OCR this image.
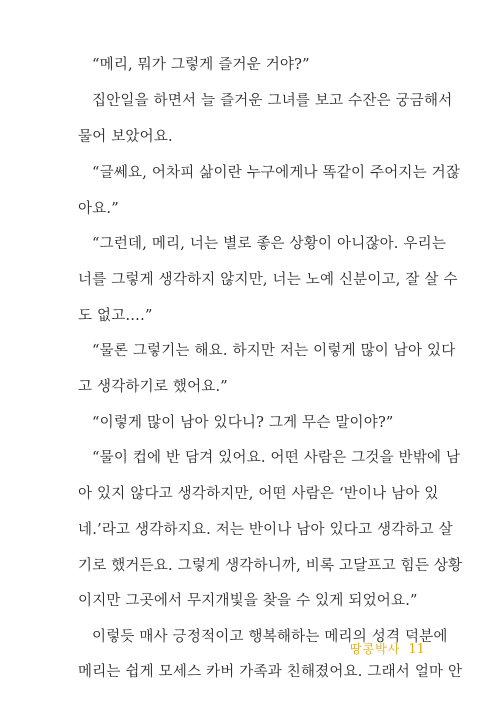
“메리, 뭐가 그렇게 즐거운 거야?”
집안일을 하면서 늘 즐거운 그녀를 보고 수잔은 궁금해서
물어 보았어요.
“글쎄요, 어차피 삶이란 누구에게나 똑같이 주어지는 거잖
아요.”
“그런데, 메리, 너는 별로 좋은 상황이 아니잖아. 우리는
너를 그렇게 생각하지 않지만, 너는 노예 신분이고, 잘 살 수
도 없고….”
“물론 그렇기는 해요. 하지만 저는 이렇게 많이 남아 있다
고 생각하기로 했어요.”
“이렇게 많이 남아 있다니? 그게 무슨 말이야?”
“물이 컵에 반 담겨 있어요. 어떤 사람은 그것을 반밖에 남
아 있지 않다고 생각하지만, 어떤 사람은 ‘반이나 남아 있
네.’라고 생각하지요. 저는 반이나 남아 있다고 생각하고 살
기로 했거든요. 그렇게 생각하니까, 비록 고달프고 힘든 상황
이지만 그곳에서 무지개빛을 찾을 수 있게 되었어요.”
이렇듯 매사 긍정적이고 행복해하는 메리의 성격 덕분에
메리는 쉽게 모세스 카버 가족과 친해졌어요. 그래서 얼마 안
땅콩박사 11
